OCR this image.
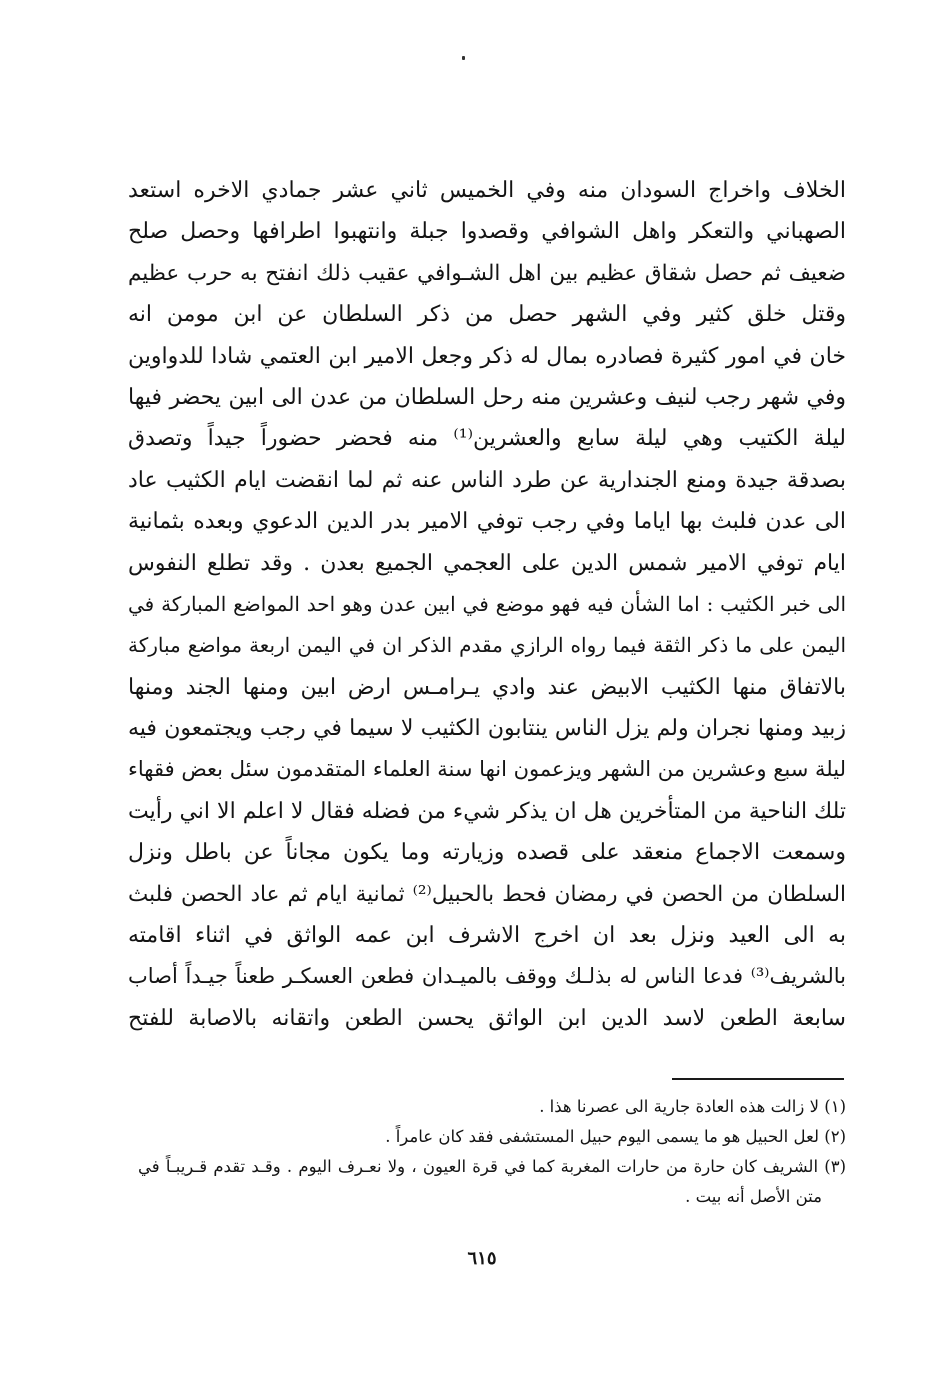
الخلاف واخراج السودان منه وفي الخميس ثاني عشر جمادي الاخره استعد
الصهباني والتعكر واهل الشوافي وقصدوا جبلة وانتهبوا اطرافها وحصل صلح
ضعيف ثم حصل شقاق عظيم بين اهل الشـوافي عقيب ذلك انفتح به حرب عظيم
وقتل خلق كثير وفي الشهر حصل من ذكر السلطان عن ابن مومن انه
خان في امور كثيرة فصادره بمال له ذكر وجعل الامير ابن العتمي شادا للدواوين
وفي شهر رجب لنيف وعشرين منه رحل السلطان من عدن الى ابين يحضر فيها
ليلة الكتيب وهي ليلة سابع والعشرين⁽¹⁾ منه فحضر حضوراً جيداً وتصدق
بصدقة جيدة ومنع الجندارية عن طرد الناس عنه ثم لما انقضت ايام الكثيب عاد
الى عدن فلبث بها اياما وفي رجب توفي الامير بدر الدين الدعوي وبعده بثمانية
ايام توفي الامير شمس الدين على العجمي الجميع بعدن . وقد تطلع النفوس
الى خبر الكثيب : اما الشأن فيه فهو موضع في ابين عدن وهو احد المواضع المباركة في
اليمن على ما ذكر الثقة فيما رواه الرازي مقدم الذكر ان في اليمن اربعة مواضع مباركة
بالاتفاق منها الكثيب الابيض عند وادي يـرامـس ارض ابين ومنها الجند ومنها
زبيد ومنها نجران ولم يزل الناس ينتابون الكثيب لا سيما في رجب ويجتمعون فيه
ليلة سبع وعشرين من الشهر ويزعمون انها سنة العلماء المتقدمون سئل بعض فقهاء
تلك الناحية من المتأخرين هل ان يذكر شيء من فضله فقال لا اعلم الا اني رأيت
وسمعت الاجماع منعقد على قصده وزيارته وما يكون مجاناً عن باطل ونزل
السلطان من الحصن في رمضان فحط بالحبيل⁽²⁾ ثمانية ايام ثم عاد الحصن فلبث
به الى العيد ونزل بعد ان اخرج الاشرف ابن عمه الواثق في اثناء اقامته
بالشريف⁽³⁾ فدعا الناس له بذلـك ووقف بالميـدان فطعن العسكـر طعناً جيـداً أصاب
سابعة الطعن لاسد الدين ابن الواثق يحسن الطعن واتقانه بالاصابة للفتح
(١) لا زالت هذه العادة جارية الى عصرنا هذا .
(٢) لعل الحبيل هو ما يسمى اليوم حبيل المستشفى فقد كان عامراً .
(٣) الشريف كان حارة من حارات المغربة كما في قرة العيون ، ولا نعـرف اليوم . وقـد تقدم قـريبـاً في
متن الأصل أنه بيت .
٦١٥
